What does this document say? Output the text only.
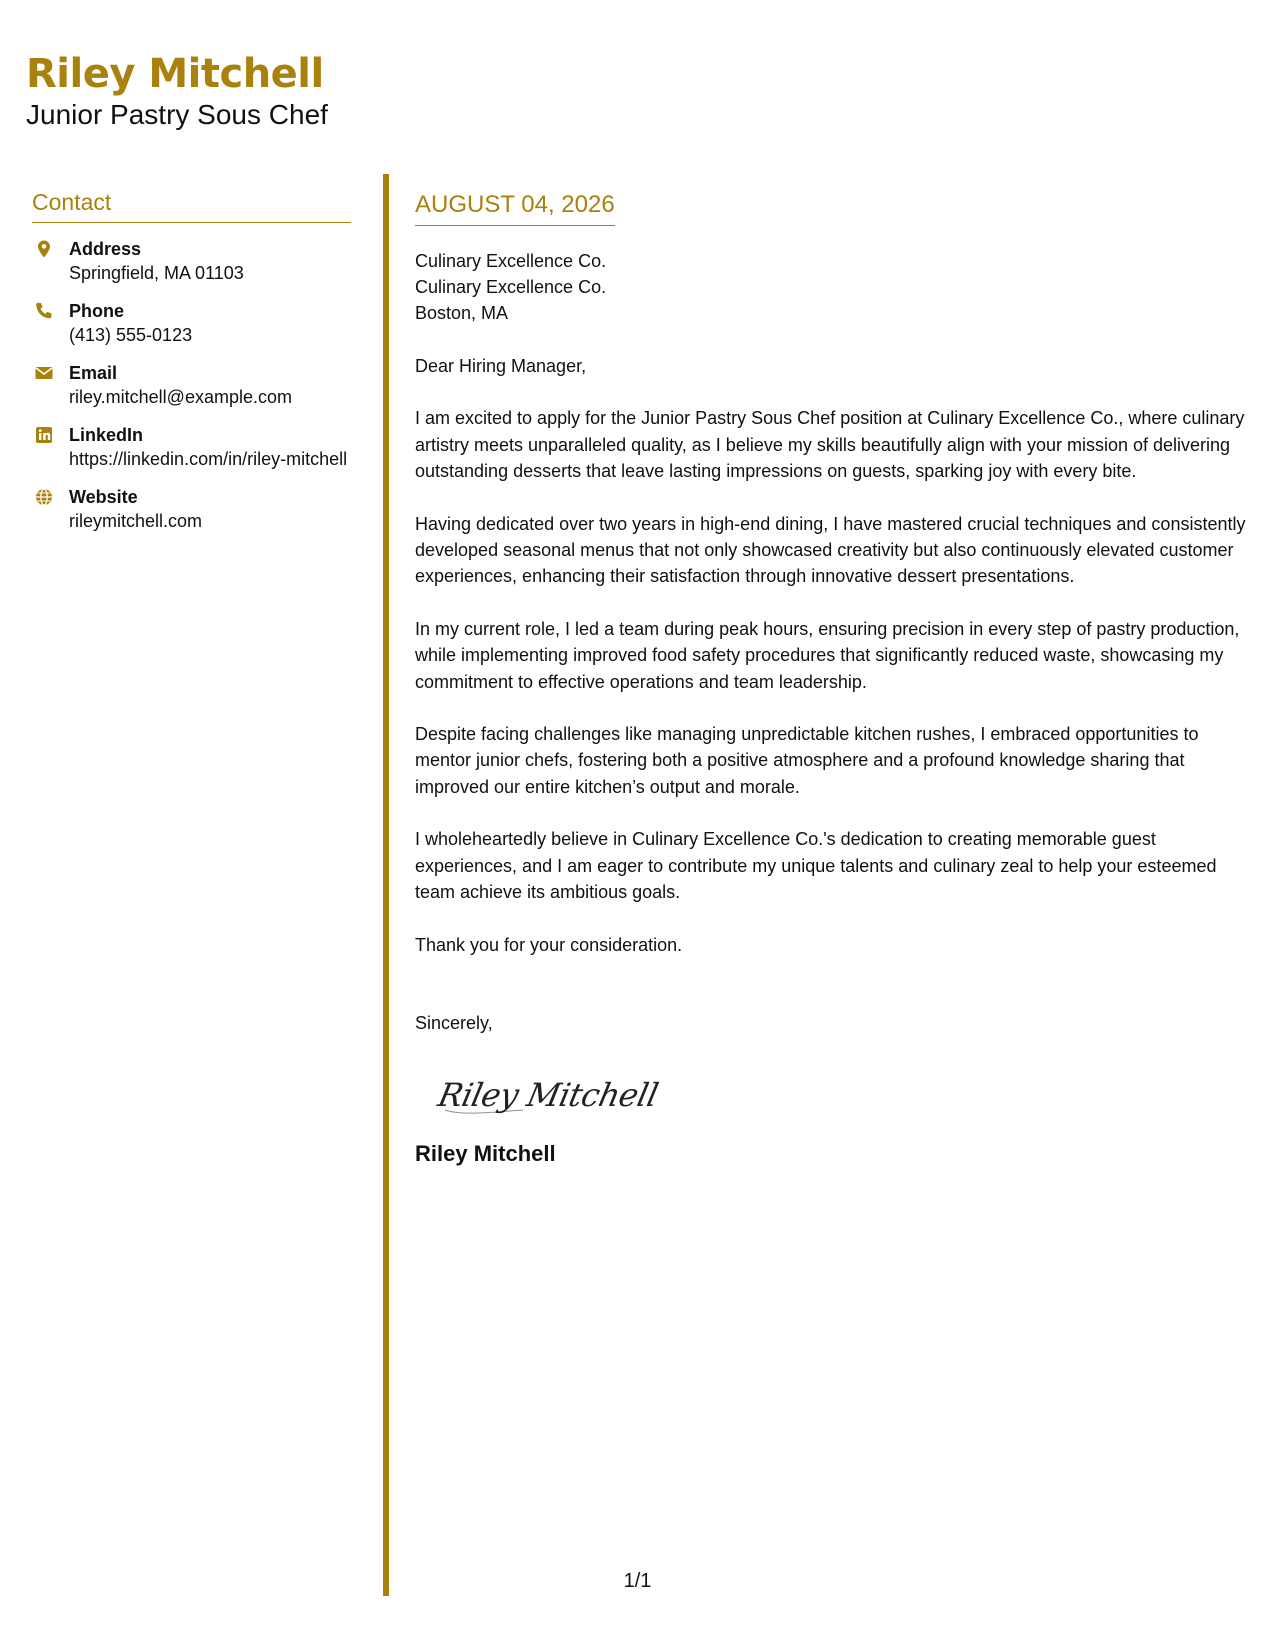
Riley Mitchell
Junior Pastry Sous Chef
Contact
Address
Springfield, MA 01103
Phone
(413) 555-0123
Email
riley.mitchell@example.com
LinkedIn
https://linkedin.com/in/riley-mitchell
Website
rileymitchell.com
AUGUST 04, 2026
Culinary Excellence Co.
Culinary Excellence Co.
Boston, MA
Dear Hiring Manager,
I am excited to apply for the Junior Pastry Sous Chef position at Culinary Excellence Co., where culinary artistry meets unparalleled quality, as I believe my skills beautifully align with your mission of delivering outstanding desserts that leave lasting impressions on guests, sparking joy with every bite.
Having dedicated over two years in high-end dining, I have mastered crucial techniques and consistently developed seasonal menus that not only showcased creativity but also continuously elevated customer experiences, enhancing their satisfaction through innovative dessert presentations.
In my current role, I led a team during peak hours, ensuring precision in every step of pastry production, while implementing improved food safety procedures that significantly reduced waste, showcasing my commitment to effective operations and team leadership.
Despite facing challenges like managing unpredictable kitchen rushes, I embraced opportunities to mentor junior chefs, fostering both a positive atmosphere and a profound knowledge sharing that improved our entire kitchen’s output and morale.
I wholeheartedly believe in Culinary Excellence Co.'s dedication to creating memorable guest experiences, and I am eager to contribute my unique talents and culinary zeal to help your esteemed team achieve its ambitious goals.
Thank you for your consideration.
Sincerely,
Riley Mitchell
Riley Mitchell
1/1
